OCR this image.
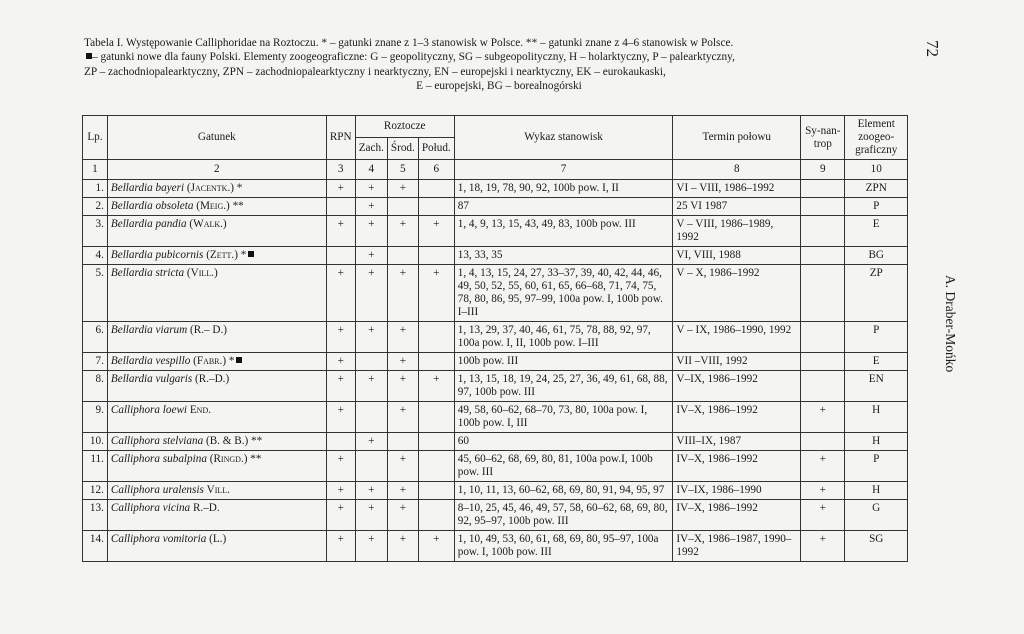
Tabela I. Występowanie Calliphoridae na Roztoczu. * – gatunki znane z 1–3 stanowisk w Polsce. ** – gatunki znane z 4–6 stanowisk w Polsce.
– gatunki nowe dla fauny Polski. Elementy zoogeograficzne: G – geopolityczny, SG – subgeopolityczny, H – holarktyczny, P – palearktyczny,
ZP – zachodniopalearktyczny, ZPN – zachodniopalearktyczny i nearktyczny, EN – europejski i nearktyczny, EK – eurokaukaski,
E – europejski, BG – borealnogórski
72
A. Draber-Mońko
Lp.	Gatunek	RPN	Roztocze			Wykaz stanowisk	Termin połowu	Sy-nan-trop	Element zoogeo-graficzny
			Zach.	Środ.	Połud.				
1	2	3	4	5	6	7	8	9	10
1.	Bellardia bayeri (Jacentk.) *	+	+	+		1, 18, 19, 78, 90, 92, 100b pow. I, II	VI – VIII, 1986–1992		ZPN
2.	Bellardia obsoleta (Meig.) **		+			87	25 VI 1987		P
3.	Bellardia pandia (Walk.)	+	+	+	+	1, 4, 9, 13, 15, 43, 49, 83, 100b pow. III	V – VIII, 1986–1989, 1992		E
4.	Bellardia pubicornis (Zett.) *		+			13, 33, 35	VI, VIII, 1988		BG
5.	Bellardia stricta (Vill.)	+	+	+	+	1, 4, 13, 15, 24, 27, 33–37, 39, 40, 42, 44, 46, 49, 50, 52, 55, 60, 61, 65, 66–68, 71, 74, 75, 78, 80, 86, 95, 97–99, 100a pow. I, 100b pow. I–III	V – X, 1986–1992		ZP
6.	Bellardia viarum (R.– D.)	+	+	+		1, 13, 29, 37, 40, 46, 61, 75, 78, 88, 92, 97, 100a pow. I, II, 100b pow. I–III	V – IX, 1986–1990, 1992		P
7.	Bellardia vespillo (Fabr.) *	+		+		100b pow. III	VII –VIII, 1992		E
8.	Bellardia vulgaris (R.–D.)	+	+	+	+	1, 13, 15, 18, 19, 24, 25, 27, 36, 49, 61, 68, 88, 97, 100b pow. III	V–IX, 1986–1992		EN
9.	Calliphora loewi End.	+		+		49, 58, 60–62, 68–70, 73, 80, 100a pow. I, 100b pow. I, III	IV–X, 1986–1992	+	H
10.	Calliphora stelviana (B. & B.) **		+			60	VIII–IX, 1987		H
11.	Calliphora subalpina (Ringd.) **	+		+		45, 60–62, 68, 69, 80, 81, 100a pow.I, 100b pow. III	IV–X, 1986–1992	+	P
12.	Calliphora uralensis Vill.	+	+	+		1, 10, 11, 13, 60–62, 68, 69, 80, 91, 94, 95, 97	IV–IX, 1986–1990	+	H
13.	Calliphora vicina R.–D.	+	+	+		8–10, 25, 45, 46, 49, 57, 58, 60–62, 68, 69, 80, 92, 95–97, 100b pow. III	IV–X, 1986–1992	+	G
14.	Calliphora vomitoria (L.)	+	+	+	+	1, 10, 49, 53, 60, 61, 68, 69, 80, 95–97, 100a pow. I, 100b pow. III	IV–X, 1986–1987, 1990–1992	+	SG
